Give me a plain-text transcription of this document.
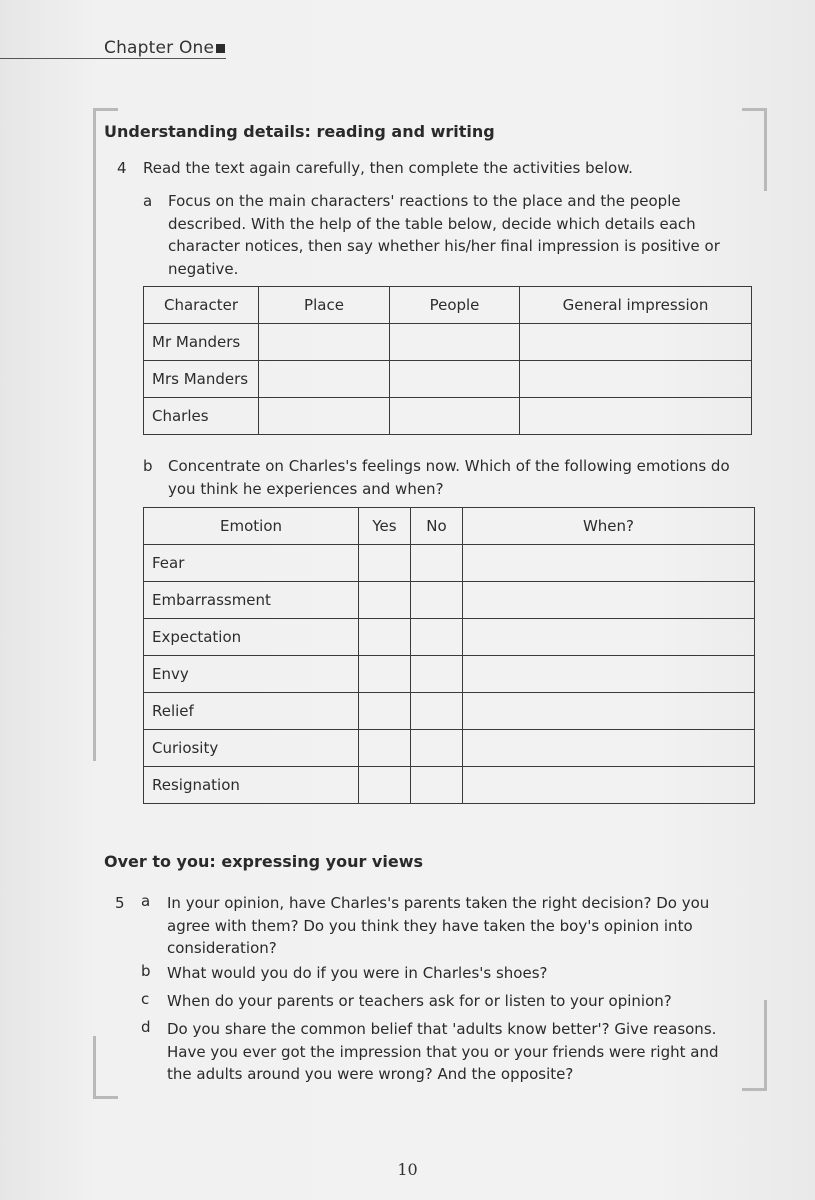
Chapter One
Understanding details: reading and writing
4 Read the text again carefully, then complete the activities below.
a Focus on the main characters' reactions to the place and the people described. With the help of the table below, decide which details each character notices, then say whether his/her final impression is positive or negative.
Character	Place	People	General impression
Mr Manders			
Mrs Manders			
Charles			
b Concentrate on Charles's feelings now. Which of the following emotions do you think he experiences and when?
Emotion	Yes	No	When?
Fear			
Embarrassment			
Expectation			
Envy			
Relief			
Curiosity			
Resignation			
Over to you: expressing your views
5 a In your opinion, have Charles's parents taken the right decision? Do you agree with them? Do you think they have taken the boy's opinion into consideration?
b What would you do if you were in Charles's shoes?
c When do your parents or teachers ask for or listen to your opinion?
d Do you share the common belief that 'adults know better'? Give reasons. Have you ever got the impression that you or your friends were right and the adults around you were wrong? And the opposite?
10
